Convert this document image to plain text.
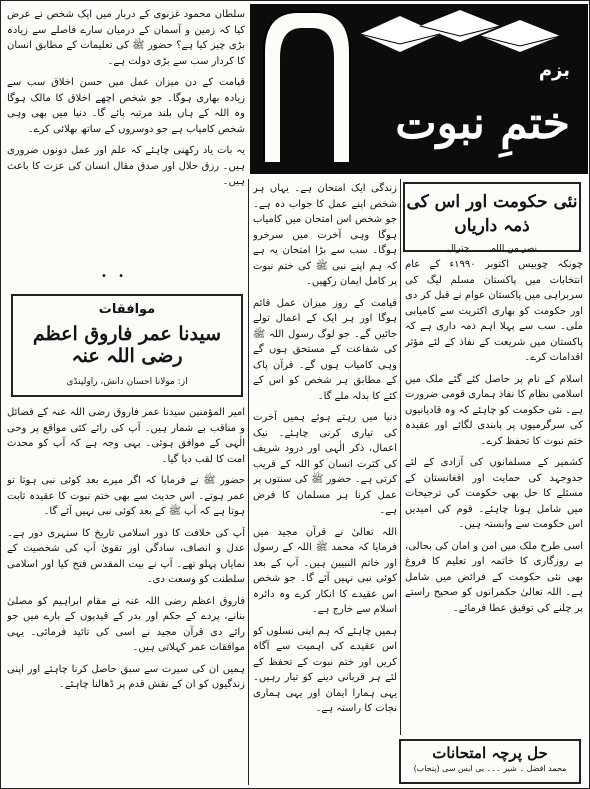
بزم
ختمِ نبوت

سلطان محمود غزنوی کے دربار میں ایک شخص نے عرض کیا کہ زمین و آسمان کے درمیان سارے فاصلے سے زیادہ بڑی چیز کیا ہے؟ حضور ﷺ کی تعلیمات کے مطابق انسان کا کردار سب سے بڑی دولت ہے۔

قیامت کے دن میزان عمل میں حسن اخلاق سب سے زیادہ بھاری ہوگا۔ جو شخص اچھے اخلاق کا مالک ہوگا وہ اللہ کے ہاں بلند مرتبہ پائے گا۔ دنیا میں بھی وہی شخص کامیاب ہے جو دوسروں کے ساتھ بھلائی کرے۔

یہ بات یاد رکھنی چاہئے کہ علم اور عمل دونوں ضروری ہیں۔ رزق حلال اور صدق مقال انسان کی عزت کا باعث ہیں۔

• •
موافقات
سیدنا عمر فاروق اعظم رضی اللہ عنہ
از: مولانا احسان دانش، راولپنڈی

امیر المؤمنین سیدنا عمر فاروق رضی اللہ عنہ کے فضائل و مناقب بے شمار ہیں۔ آپ کی رائے کئی مواقع پر وحی الٰہی کے موافق ہوئی۔ یہی وجہ ہے کہ آپ کو محدث امت کا لقب دیا گیا۔

حضور ﷺ نے فرمایا کہ اگر میرے بعد کوئی نبی ہوتا تو عمر ہوتے۔ اس حدیث سے بھی ختم نبوت کا عقیدہ ثابت ہوتا ہے کہ آپ ﷺ کے بعد کوئی نبی نہیں آئے گا۔

آپ کی خلافت کا دور اسلامی تاریخ کا سنہری دور ہے۔ عدل و انصاف، سادگی اور تقویٰ آپ کی شخصیت کے نمایاں پہلو تھے۔ آپ نے بیت المقدس فتح کیا اور اسلامی سلطنت کو وسعت دی۔

فاروق اعظم رضی اللہ عنہ نے مقام ابراہیم کو مصلیٰ بنانے، پردے کے حکم اور بدر کے قیدیوں کے بارے میں جو رائے دی قرآن مجید نے اسی کی تائید فرمائی۔ یہی موافقات عمر کہلاتی ہیں۔

ہمیں ان کی سیرت سے سبق حاصل کرنا چاہئے اور اپنی زندگیوں کو ان کے نقش قدم پر ڈھالنا چاہئے۔

زندگی ایک امتحان ہے۔ یہاں ہر شخص اپنے عمل کا جواب دہ ہے۔ جو شخص اس امتحان میں کامیاب ہوگا وہی آخرت میں سرخرو ہوگا۔ سب سے بڑا امتحان یہ ہے کہ ہم اپنے نبی ﷺ کی ختم نبوت پر کامل ایمان رکھیں۔

قیامت کے روز میزان عمل قائم ہوگا اور ہر ایک کے اعمال تولے جائیں گے۔ جو لوگ رسول اللہ ﷺ کی شفاعت کے مستحق ہوں گے وہی کامیاب ہوں گے۔ قرآن پاک کے مطابق ہر شخص کو اس کے کئے کا بدلہ ملے گا۔

دنیا میں رہتے ہوئے ہمیں آخرت کی تیاری کرنی چاہئے۔ نیک اعمال، ذکر الٰہی اور درود شریف کی کثرت انسان کو اللہ کے قریب کرتی ہے۔ حضور ﷺ کی سنتوں پر عمل کرنا ہر مسلمان کا فرض ہے۔

اللہ تعالیٰ نے قرآن مجید میں فرمایا کہ محمد ﷺ اللہ کے رسول اور خاتم النبیین ہیں۔ آپ کے بعد کوئی نبی نہیں آئے گا۔ جو شخص اس عقیدے کا انکار کرے وہ دائرہ اسلام سے خارج ہے۔

ہمیں چاہئے کہ ہم اپنی نسلوں کو اس عقیدے کی اہمیت سے آگاہ کریں اور ختم نبوت کے تحفظ کے لئے ہر قربانی دینے کو تیار رہیں۔ یہی ہمارا ایمان اور یہی ہماری نجات کا راستہ ہے۔

نئی حکومت اور اس کی ذمہ داریاں
نصر من اللہ ۔۔۔ چترال

چونکہ چوبیس اکتوبر ۱۹۹۰ء کے عام انتخابات میں پاکستان مسلم لیگ کی سربراہی میں پاکستان عوام نے قبل کر دی اور حکومت کو بھاری اکثریت سے کامیابی ملی۔ سب سے پہلا اہم ذمہ داری ہے کہ پاکستان میں شریعت کے نفاذ کے لئے مؤثر اقدامات کرے۔

اسلام کے نام پر حاصل کئے گئے ملک میں اسلامی نظام کا نفاذ ہماری قومی ضرورت ہے۔ نئی حکومت کو چاہئے کہ وہ قادیانیوں کی سرگرمیوں پر پابندی لگائے اور عقیدہ ختم نبوت کا تحفظ کرے۔

کشمیر کے مسلمانوں کی آزادی کے لئے جدوجہد کی حمایت اور افغانستان کے مسئلے کا حل بھی حکومت کی ترجیحات میں شامل ہونا چاہئے۔ قوم کی امیدیں اس حکومت سے وابستہ ہیں۔

اسی طرح ملک میں امن و امان کی بحالی، بے روزگاری کا خاتمہ اور تعلیم کا فروغ بھی نئی حکومت کے فرائض میں شامل ہے۔ اللہ تعالیٰ حکمرانوں کو صحیح راستے پر چلنے کی توفیق عطا فرمائے۔

حل پرچہ امتحانات
محمد افضل ۔ شیر ۔۔۔ بی ایس سی (پنجاب)
